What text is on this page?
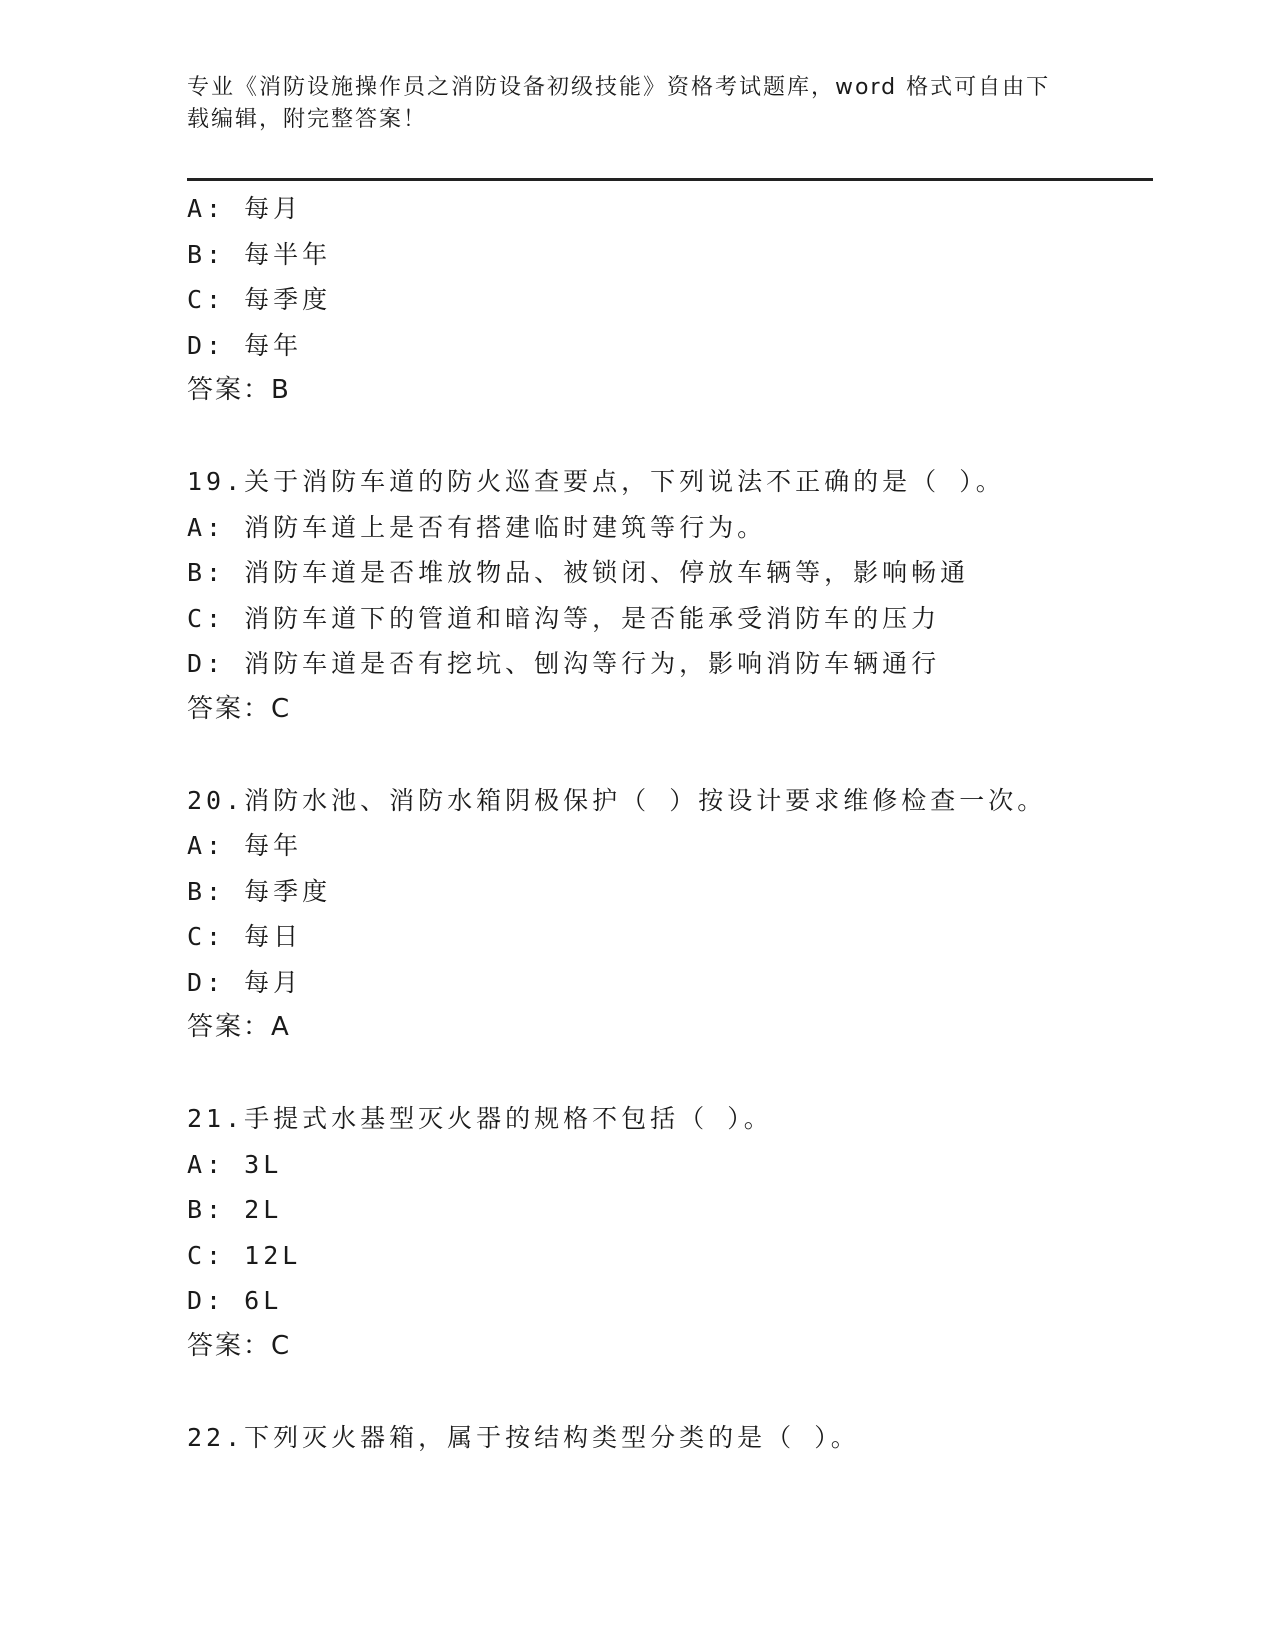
专业《消防设施操作员之消防设备初级技能》资格考试题库，word 格式可自由下
载编辑，附完整答案！
A: 每月
B: 每半年
C: 每季度
D: 每年
答案：B
19.关于消防车道的防火巡查要点，下列说法不正确的是（ ）。
A: 消防车道上是否有搭建临时建筑等行为。
B: 消防车道是否堆放物品、被锁闭、停放车辆等，影响畅通
C: 消防车道下的管道和暗沟等，是否能承受消防车的压力
D: 消防车道是否有挖坑、刨沟等行为，影响消防车辆通行
答案：C
20.消防水池、消防水箱阴极保护（ ）按设计要求维修检查一次。
A: 每年
B: 每季度
C: 每日
D: 每月
答案：A
21.手提式水基型灭火器的规格不包括（ ）。
A: 3L
B: 2L
C: 12L
D: 6L
答案：C
22.下列灭火器箱，属于按结构类型分类的是（ ）。
